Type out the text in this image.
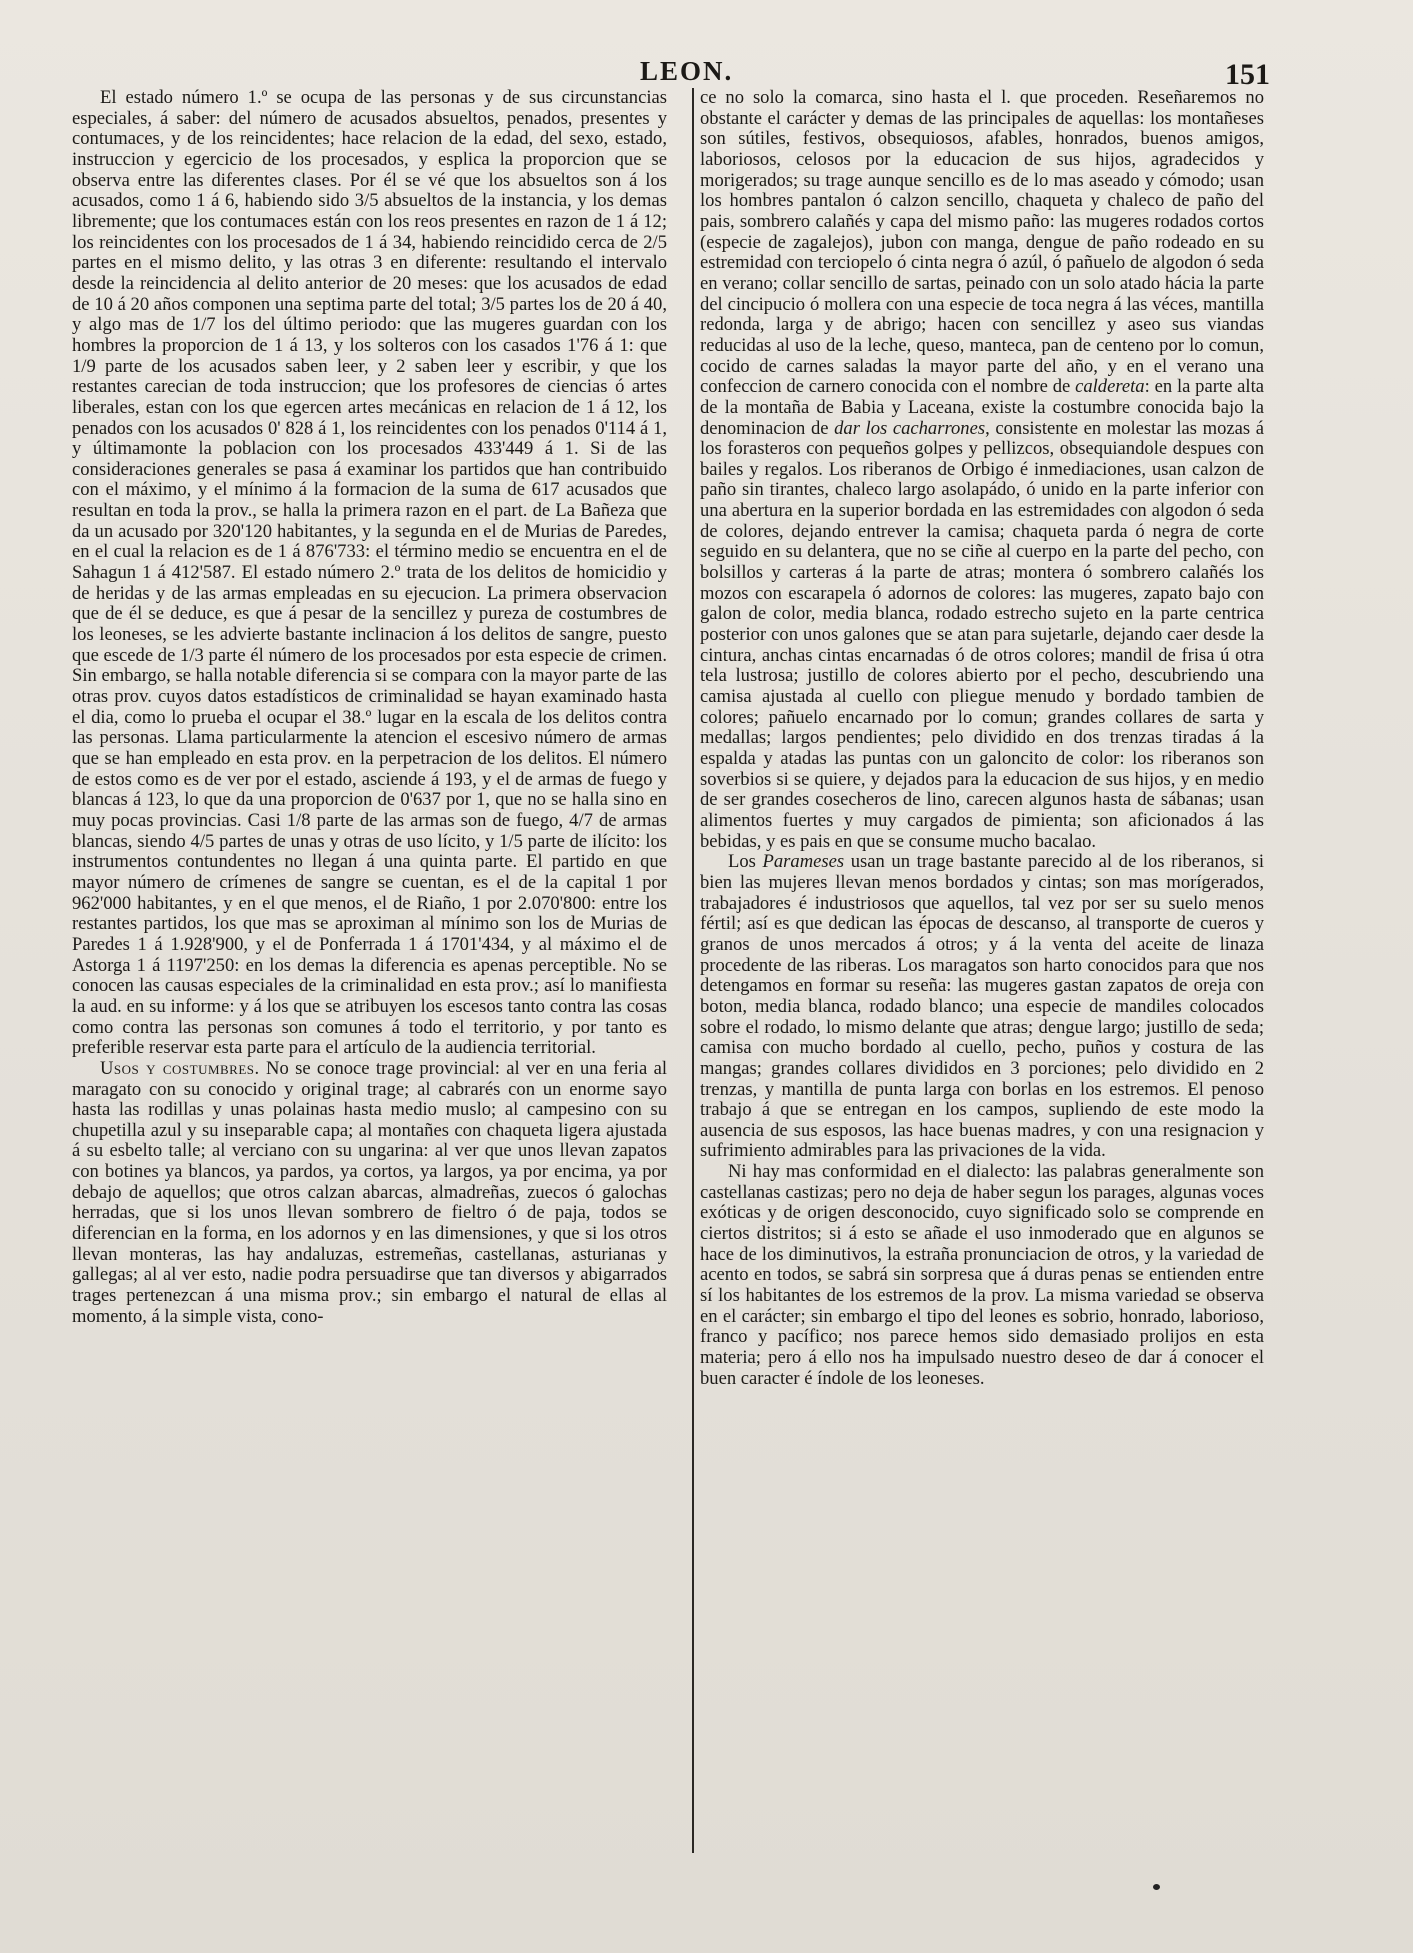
LEON.	151

El estado número 1.º se ocupa de las personas y de sus circunstancias especiales, á saber: del número de acusados absueltos, penados, presentes y contumaces, y de los reincidentes; hace relacion de la edad, del sexo, estado, instruccion y egercicio de los procesados, y esplica la proporcion que se observa entre las diferentes clases. Por él se vé que los absueltos son á los acusados, como 1 á 6, habiendo sido 3/5 absueltos de la instancia, y los demas libremente; que los contumaces están con los reos presentes en razon de 1 á 12; los reincidentes con los procesados de 1 á 34, habiendo reincidido cerca de 2/5 partes en el mismo delito, y las otras 3 en diferente: resultando el intervalo desde la reincidencia al delito anterior de 20 meses: que los acusados de edad de 10 á 20 años componen una septima parte del total; 3/5 partes los de 20 á 40, y algo mas de 1/7 los del último periodo: que las mugeres guardan con los hombres la proporcion de 1 á 13, y los solteros con los casados 1'76 á 1: que 1/9 parte de los acusados saben leer, y 2 saben leer y escribir, y que los restantes carecian de toda instruccion; que los profesores de ciencias ó artes liberales, estan con los que egercen artes mecánicas en relacion de 1 á 12, los penados con los acusados 0' 828 á 1, los reincidentes con los penados 0'114 á 1, y últimamonte la poblacion con los procesados 433'449 á 1. Si de las consideraciones generales se pasa á examinar los partidos que han contribuido con el máximo, y el mínimo á la formacion de la suma de 617 acusados que resultan en toda la prov., se halla la primera razon en el part. de La Bañeza que da un acusado por 320'120 habitantes, y la segunda en el de Murias de Paredes, en el cual la relacion es de 1 á 876'733: el término medio se encuentra en el de Sahagun 1 á 412'587. El estado número 2.º trata de los delitos de homicidio y de heridas y de las armas empleadas en su ejecucion. La primera observacion que de él se deduce, es que á pesar de la sencillez y pureza de costumbres de los leoneses, se les advierte bastante inclinacion á los delitos de sangre, puesto que escede de 1/3 parte él número de los procesados por esta especie de crimen. Sin embargo, se halla notable diferencia si se compara con la mayor parte de las otras prov. cuyos datos estadísticos de criminalidad se hayan examinado hasta el dia, como lo prueba el ocupar el 38.º lugar en la escala de los delitos contra las personas. Llama particularmente la atencion el escesivo número de armas que se han empleado en esta prov. en la perpetracion de los delitos. El número de estos como es de ver por el estado, asciende á 193, y el de armas de fuego y blancas á 123, lo que da una proporcion de 0'637 por 1, que no se halla sino en muy pocas provincias. Casi 1/8 parte de las armas son de fuego, 4/7 de armas blancas, siendo 4/5 partes de unas y otras de uso lícito, y 1/5 parte de ilícito: los instrumentos contundentes no llegan á una quinta parte. El partido en que mayor número de crímenes de sangre se cuentan, es el de la capital 1 por 962'000 habitantes, y en el que menos, el de Riaño, 1 por 2.070'800: entre los restantes partidos, los que mas se aproximan al mínimo son los de Murias de Paredes 1 á 1.928'900, y el de Ponferrada 1 á 1701'434, y al máximo el de Astorga 1 á 1197'250: en los demas la diferencia es apenas perceptible. No se conocen las causas especiales de la criminalidad en esta prov.; así lo manifiesta la aud. en su informe: y á los que se atribuyen los escesos tanto contra las cosas como contra las personas son comunes á todo el territorio, y por tanto es preferible reservar esta parte para el artículo de la audiencia territorial.

Usos y costumbres. No se conoce trage provincial: al ver en una feria al maragato con su conocido y original trage; al cabrarés con un enorme sayo hasta las rodillas y unas polainas hasta medio muslo; al campesino con su chupetilla azul y su inseparable capa; al montañes con chaqueta ligera ajustada á su esbelto talle; al verciano con su ungarina: al ver que unos llevan zapatos con botines ya blancos, ya pardos, ya cortos, ya largos, ya por encima, ya por debajo de aquellos; que otros calzan abarcas, almadreñas, zuecos ó galochas herradas, que si los unos llevan sombrero de fieltro ó de paja, todos se diferencian en la forma, en los adornos y en las dimensiones, y que si los otros llevan monteras, las hay andaluzas, estremeñas, castellanas, asturianas y gallegas; al al ver esto, nadie podra persuadirse que tan diversos y abigarrados trages pertenezcan á una misma prov.; sin embargo el natural de ellas al momento, á la simple vista, cono-

ce no solo la comarca, sino hasta el l. que proceden. Reseñaremos no obstante el carácter y demas de las principales de aquellas: los montañeses son sútiles, festivos, obsequiosos, afables, honrados, buenos amigos, laboriosos, celosos por la educacion de sus hijos, agradecidos y morigerados; su trage aunque sencillo es de lo mas aseado y cómodo; usan los hombres pantalon ó calzon sencillo, chaqueta y chaleco de paño del pais, sombrero calañés y capa del mismo paño: las mugeres rodados cortos (especie de zagalejos), jubon con manga, dengue de paño rodeado en su estremidad con terciopelo ó cinta negra ó azúl, ó pañuelo de algodon ó seda en verano; collar sencillo de sartas, peinado con un solo atado hácia la parte del cincipucio ó mollera con una especie de toca negra á las véces, mantilla redonda, larga y de abrigo; hacen con sencillez y aseo sus viandas reducidas al uso de la leche, queso, manteca, pan de centeno por lo comun, cocido de carnes saladas la mayor parte del año, y en el verano una confeccion de carnero conocida con el nombre de caldereta: en la parte alta de la montaña de Babia y Laceana, existe la costumbre conocida bajo la denominacion de dar los cacharrones, consistente en molestar las mozas á los forasteros con pequeños golpes y pellizcos, obsequiandole despues con bailes y regalos. Los riberanos de Orbigo é inmediaciones, usan calzon de paño sin tirantes, chaleco largo asolapádo, ó unido en la parte inferior con una abertura en la superior bordada en las estremidades con algodon ó seda de colores, dejando entrever la camisa; chaqueta parda ó negra de corte seguido en su delantera, que no se ciñe al cuerpo en la parte del pecho, con bolsillos y carteras á la parte de atras; montera ó sombrero calañés los mozos con escarapela ó adornos de colores: las mugeres, zapato bajo con galon de color, media blanca, rodado estrecho sujeto en la parte centrica posterior con unos galones que se atan para sujetarle, dejando caer desde la cintura, anchas cintas encarnadas ó de otros colores; mandil de frisa ú otra tela lustrosa; justillo de colores abierto por el pecho, descubriendo una camisa ajustada al cuello con pliegue menudo y bordado tambien de colores; pañuelo encarnado por lo comun; grandes collares de sarta y medallas; largos pendientes; pelo dividido en dos trenzas tiradas á la espalda y atadas las puntas con un galoncito de color: los riberanos son soverbios si se quiere, y dejados para la educacion de sus hijos, y en medio de ser grandes cosecheros de lino, carecen algunos hasta de sábanas; usan alimentos fuertes y muy cargados de pimienta; son aficionados á las bebidas, y es pais en que se consume mucho bacalao.

Los Parameses usan un trage bastante parecido al de los riberanos, si bien las mujeres llevan menos bordados y cintas; son mas morígerados, trabajadores é industriosos que aquellos, tal vez por ser su suelo menos fértil; así es que dedican las épocas de descanso, al transporte de cueros y granos de unos mercados á otros; y á la venta del aceite de linaza procedente de las riberas. Los maragatos son harto conocidos para que nos detengamos en formar su reseña: las mugeres gastan zapatos de oreja con boton, media blanca, rodado blanco; una especie de mandiles colocados sobre el rodado, lo mismo delante que atras; dengue largo; justillo de seda; camisa con mucho bordado al cuello, pecho, puños y costura de las mangas; grandes collares divididos en 3 porciones; pelo dividido en 2 trenzas, y mantilla de punta larga con borlas en los estremos. El penoso trabajo á que se entregan en los campos, supliendo de este modo la ausencia de sus esposos, las hace buenas madres, y con una resignacion y sufrimiento admirables para las privaciones de la vida.

Ni hay mas conformidad en el dialecto: las palabras generalmente son castellanas castizas; pero no deja de haber segun los parages, algunas voces exóticas y de origen desconocido, cuyo significado solo se comprende en ciertos distritos; si á esto se añade el uso inmoderado que en algunos se hace de los diminutivos, la estraña pronunciacion de otros, y la variedad de acento en todos, se sabrá sin sorpresa que á duras penas se entienden entre sí los habitantes de los estremos de la prov. La misma variedad se observa en el carácter; sin embargo el tipo del leones es sobrio, honrado, laborioso, franco y pacífico; nos parece hemos sido demasiado prolijos en esta materia; pero á ello nos ha impulsado nuestro deseo de dar á conocer el buen caracter é índole de los leoneses.
